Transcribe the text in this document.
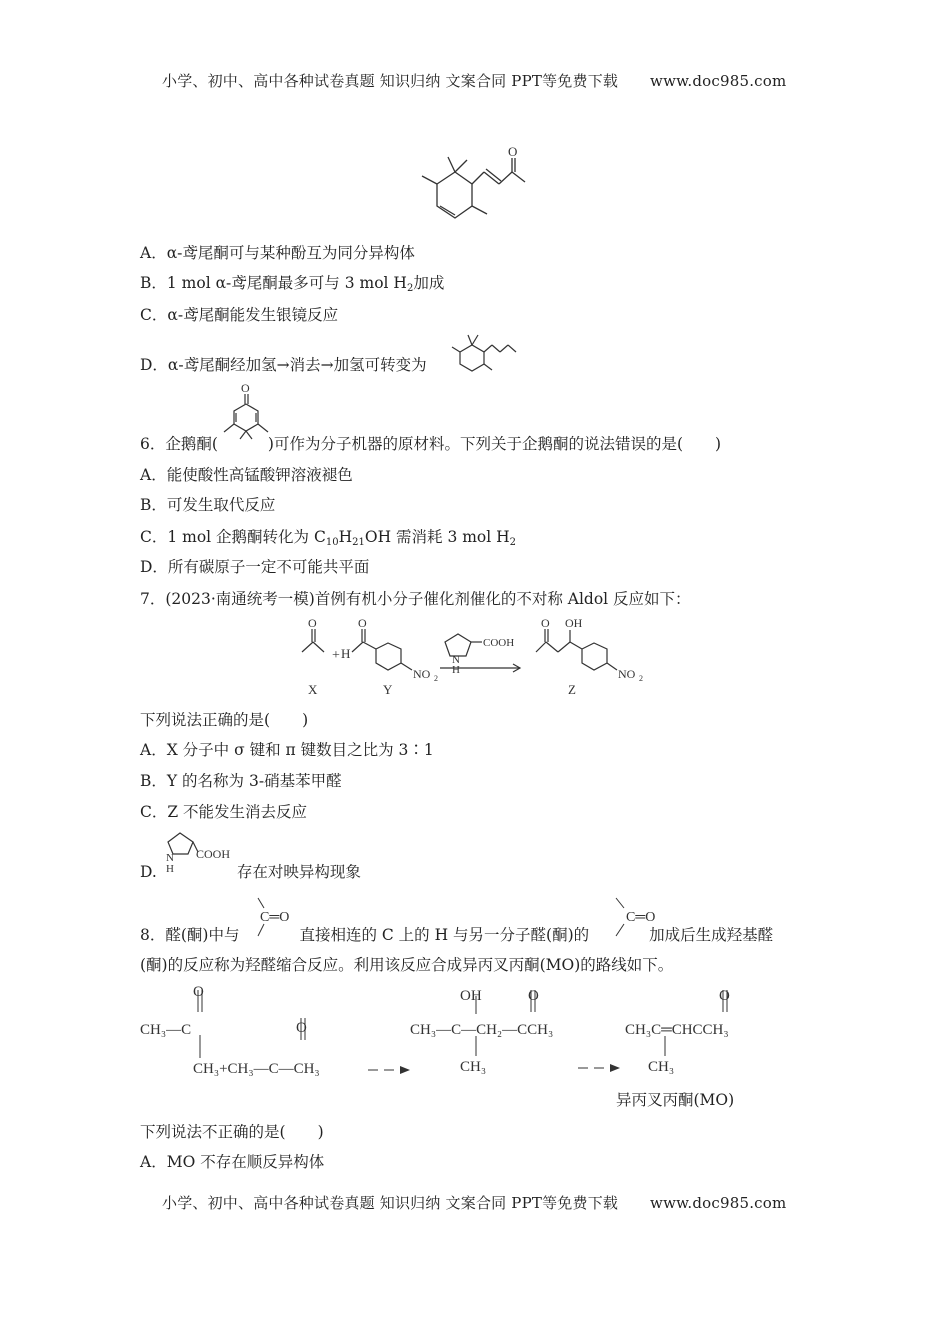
小学、初中、高中各种试卷真题 知识归纳 文案合同 PPT等免费下载 www.doc985.com
O
A．α-鸢尾酮可与某种酚互为同分异构体
B．1 mol α-鸢尾酮最多可与 3 mol $H_2$加成
C．α-鸢尾酮能发生银镜反应
D．α-鸢尾酮经加氢→消去→加氢可转变为
6．企鹅酮(	)可作为分子机器的原材料。下列关于企鹅酮的说法错误的是( )
O
A．能使酸性高锰酸钾溶液褪色
B．可发生取代反应
C．1 mol 企鹅酮转化为 $C_{10}H_{21}OH$ 需消耗 3 mol $H_2$
D．所有碳原子一定不可能共平面
7．(2023·南通统考一模)首例有机小分子催化剂催化的不对称 Aldol 反应如下：
O
+ H
O
NO 2
N
H
COOH
O OH
NO 2
X	Y	Z
下列说法正确的是( )
A．X 分子中 σ 键和 π 键数目之比为 3∶1
B．Y 的名称为 3-硝基苯甲醛
C．Z 不能发生消去反应
D.	存在对映异构现象
N
H
COOH
8．醛(酮)中与	直接相连的 C 上的 H 与另一分子醛(酮)的	加成后生成羟基醛
C═O	C═O
(酮)的反应称为羟醛缩合反应。利用该反应合成异丙叉丙酮(MO)的路线如下。
O
CH₃—C
CH₃+CH₃—C—CH₃
O
OH	O
CH₃—C—CH₂—CCH₃
CH₃
O
CH₃C═CHCCH₃
CH₃
异丙叉丙酮(MO)
下列说法不正确的是( )
A．MO 不存在顺反异构体
小学、初中、高中各种试卷真题 知识归纳 文案合同 PPT等免费下载 www.doc985.com
